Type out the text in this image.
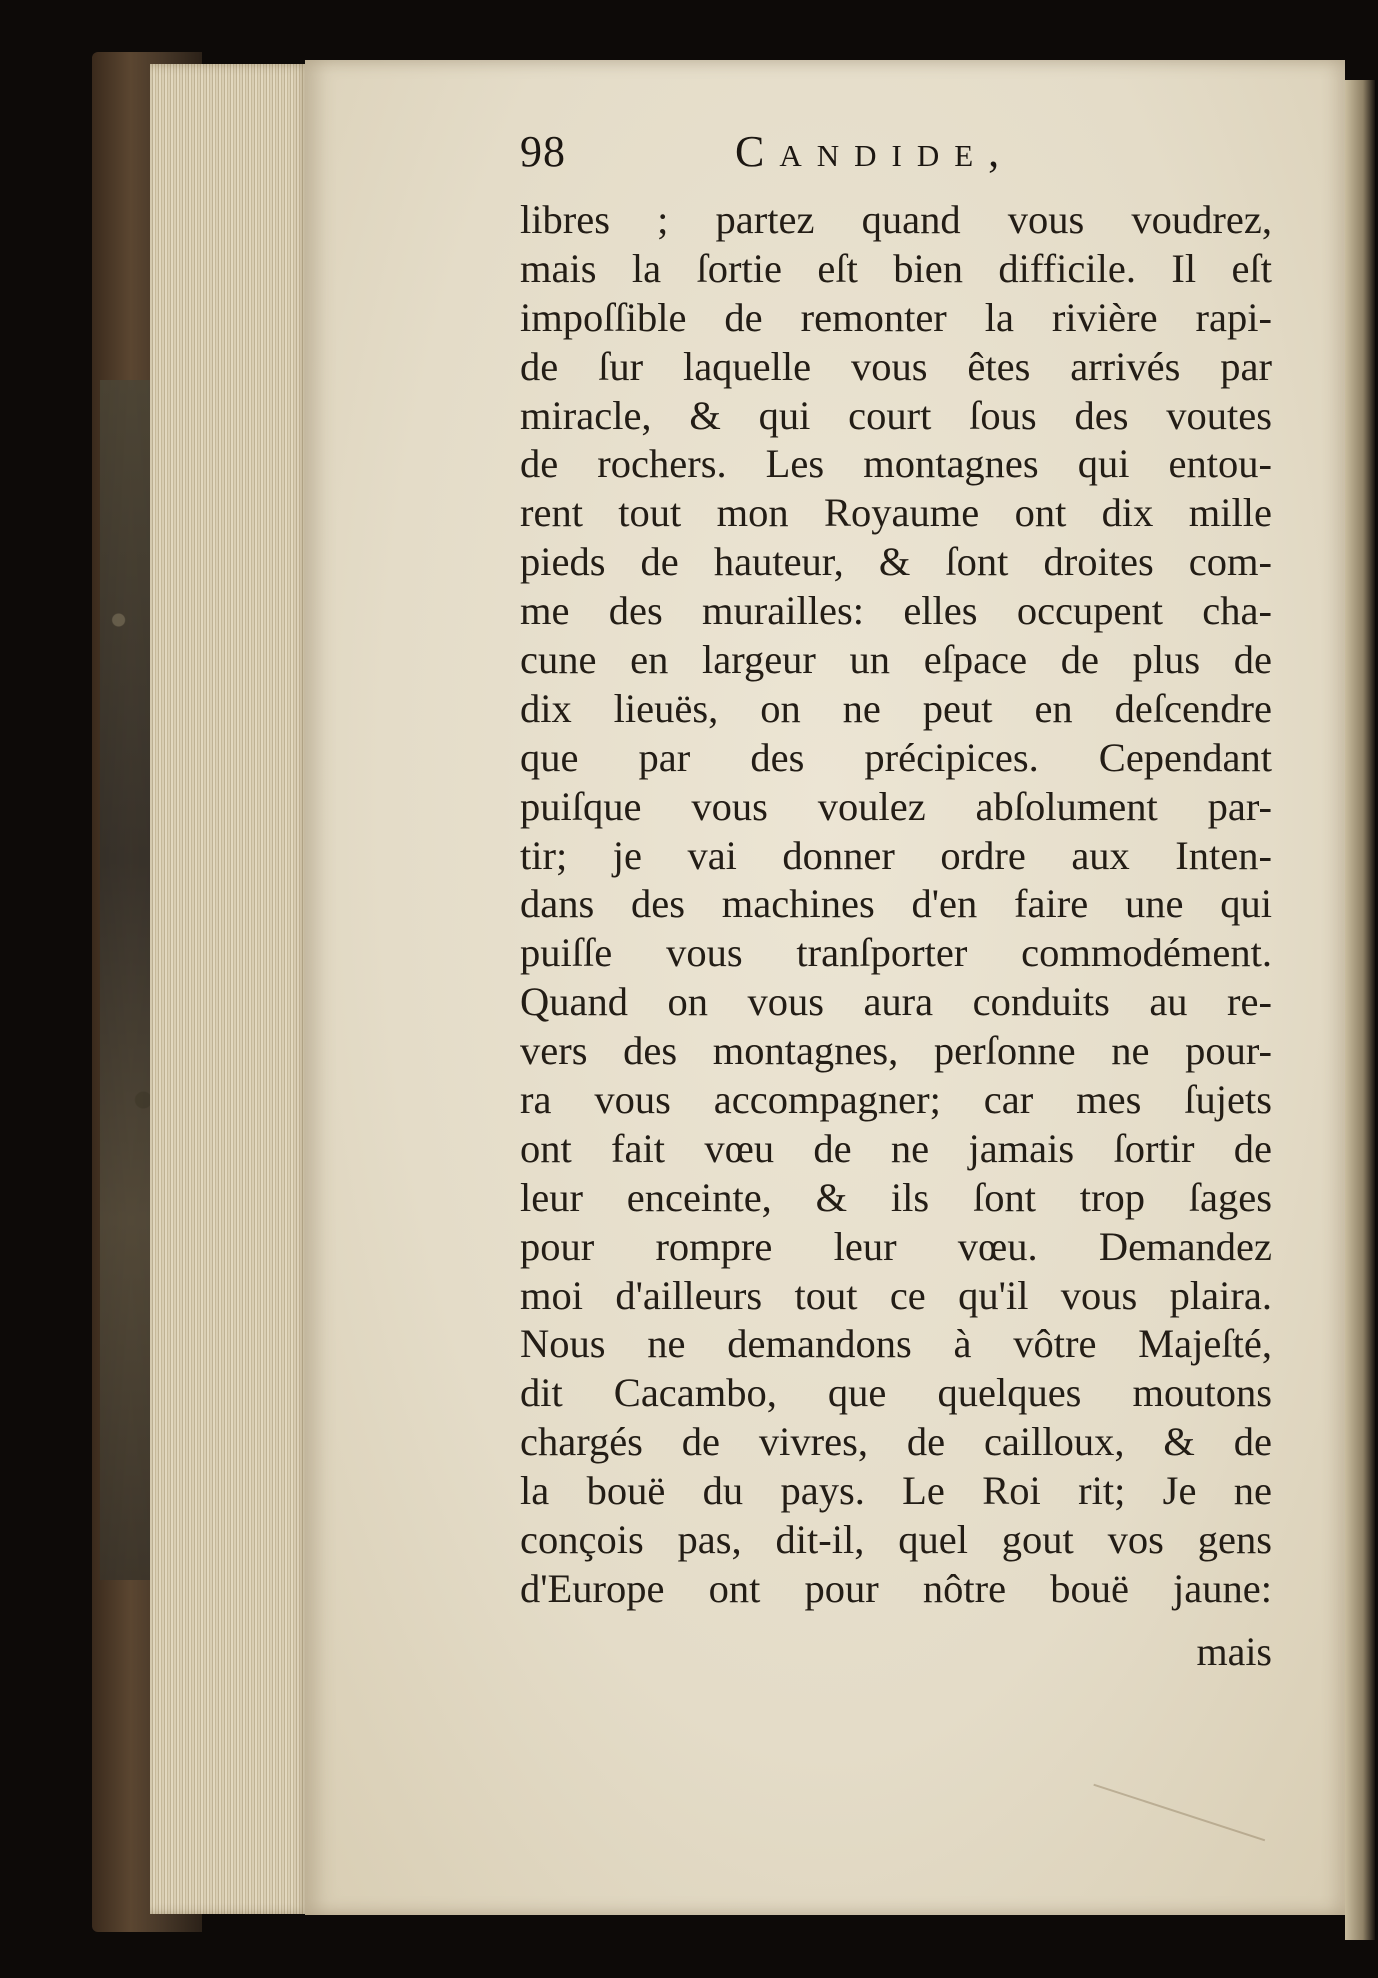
98	Candide,
libres ; partez quand vous voudrez,
mais la ſortie eſt bien difficile. Il eſt
impoſſible de remonter la rivière rapi-
de ſur laquelle vous êtes arrivés par
miracle, & qui court ſous des voutes
de rochers. Les montagnes qui entou-
rent tout mon Royaume ont dix mille
pieds de hauteur, & ſont droites com-
me des murailles: elles occupent cha-
cune en largeur un eſpace de plus de
dix lieuës, on ne peut en deſcendre
que par des précipices. Cependant
puiſque vous voulez abſolument par-
tir; je vai donner ordre aux Inten-
dans des machines d'en faire une qui
puiſſe vous tranſporter commodément.
Quand on vous aura conduits au re-
vers des montagnes, perſonne ne pour-
ra vous accompagner; car mes ſujets
ont fait vœu de ne jamais ſortir de
leur enceinte, & ils ſont trop ſages
pour rompre leur vœu. Demandez
moi d'ailleurs tout ce qu'il vous plaira.
Nous ne demandons à vôtre Majeſté,
dit Cacambo, que quelques moutons
chargés de vivres, de cailloux, & de
la bouë du pays. Le Roi rit; Je ne
conçois pas, dit-il, quel gout vos gens
d'Europe ont pour nôtre bouë jaune:
mais
